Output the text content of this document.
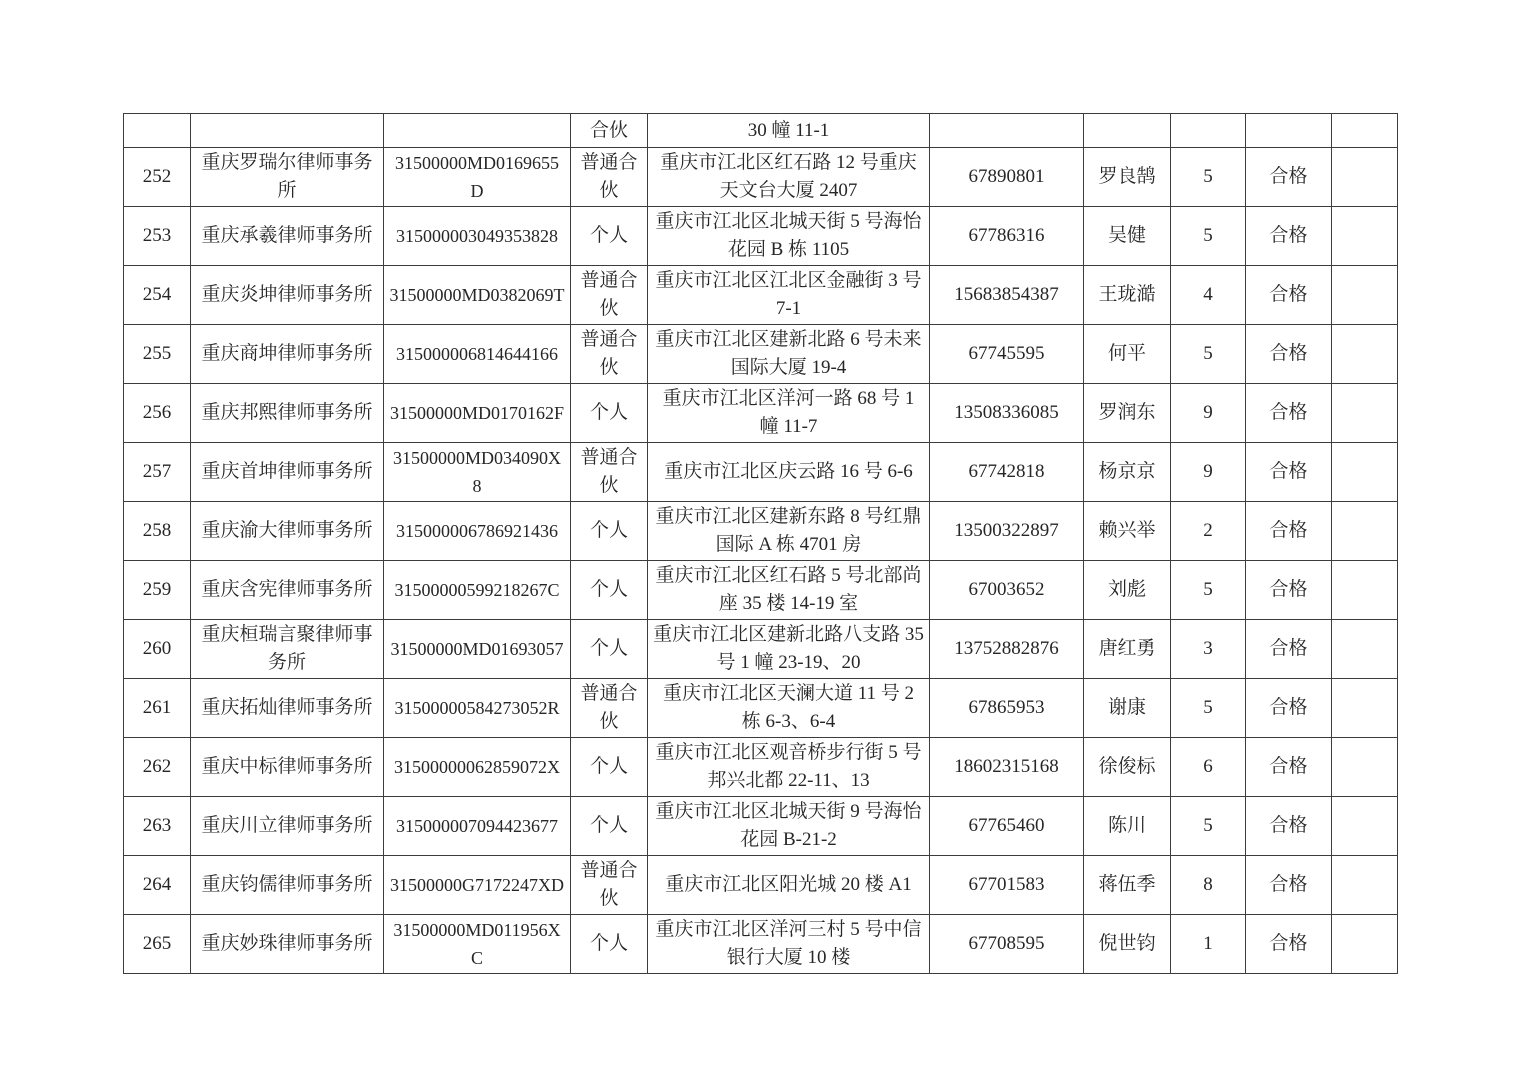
			合伙	30 幢 11-1					
252	重庆罗瑞尔律师事务所	31500000MD0169655D	普通合伙	重庆市江北区红石路 12 号重庆天文台大厦 2407	67890801	罗良鹄	5	合格	
253	重庆承羲律师事务所	315000003049353828	个人	重庆市江北区北城天街 5 号海怡花园 B 栋 1105	67786316	吴健	5	合格	
254	重庆炎坤律师事务所	31500000MD0382069T	普通合伙	重庆市江北区江北区金融街 3 号 7-1	15683854387	王珑澔	4	合格	
255	重庆商坤律师事务所	315000006814644166	普通合伙	重庆市江北区建新北路 6 号未来国际大厦 19-4	67745595	何平	5	合格	
256	重庆邦熙律师事务所	31500000MD0170162F	个人	重庆市江北区洋河一路 68 号 1 幢 11-7	13508336085	罗润东	9	合格	
257	重庆首坤律师事务所	31500000MD034090X8	普通合伙	重庆市江北区庆云路 16 号 6-6	67742818	杨京京	9	合格	
258	重庆渝大律师事务所	315000006786921436	个人	重庆市江北区建新东路 8 号红鼎国际 A 栋 4701 房	13500322897	赖兴举	2	合格	
259	重庆含宪律师事务所	31500000599218267C	个人	重庆市江北区红石路 5 号北部尚座 35 楼 14-19 室	67003652	刘彪	5	合格	
260	重庆桓瑞言聚律师事务所	31500000MD01693057	个人	重庆市江北区建新北路八支路 35 号 1 幢 23-19、20	13752882876	唐红勇	3	合格	
261	重庆拓灿律师事务所	31500000584273052R	普通合伙	重庆市江北区天澜大道 11 号 2 栋 6-3、6-4	67865953	谢康	5	合格	
262	重庆中标律师事务所	31500000062859072X	个人	重庆市江北区观音桥步行街 5 号邦兴北都 22-11、13	18602315168	徐俊标	6	合格	
263	重庆川立律师事务所	315000007094423677	个人	重庆市江北区北城天街 9 号海怡花园 B-21-2	67765460	陈川	5	合格	
264	重庆钧儒律师事务所	31500000G7172247XD	普通合伙	重庆市江北区阳光城 20 楼 A1	67701583	蒋伍季	8	合格	
265	重庆妙珠律师事务所	31500000MD011956XC	个人	重庆市江北区洋河三村 5 号中信银行大厦 10 楼	67708595	倪世钧	1	合格	
